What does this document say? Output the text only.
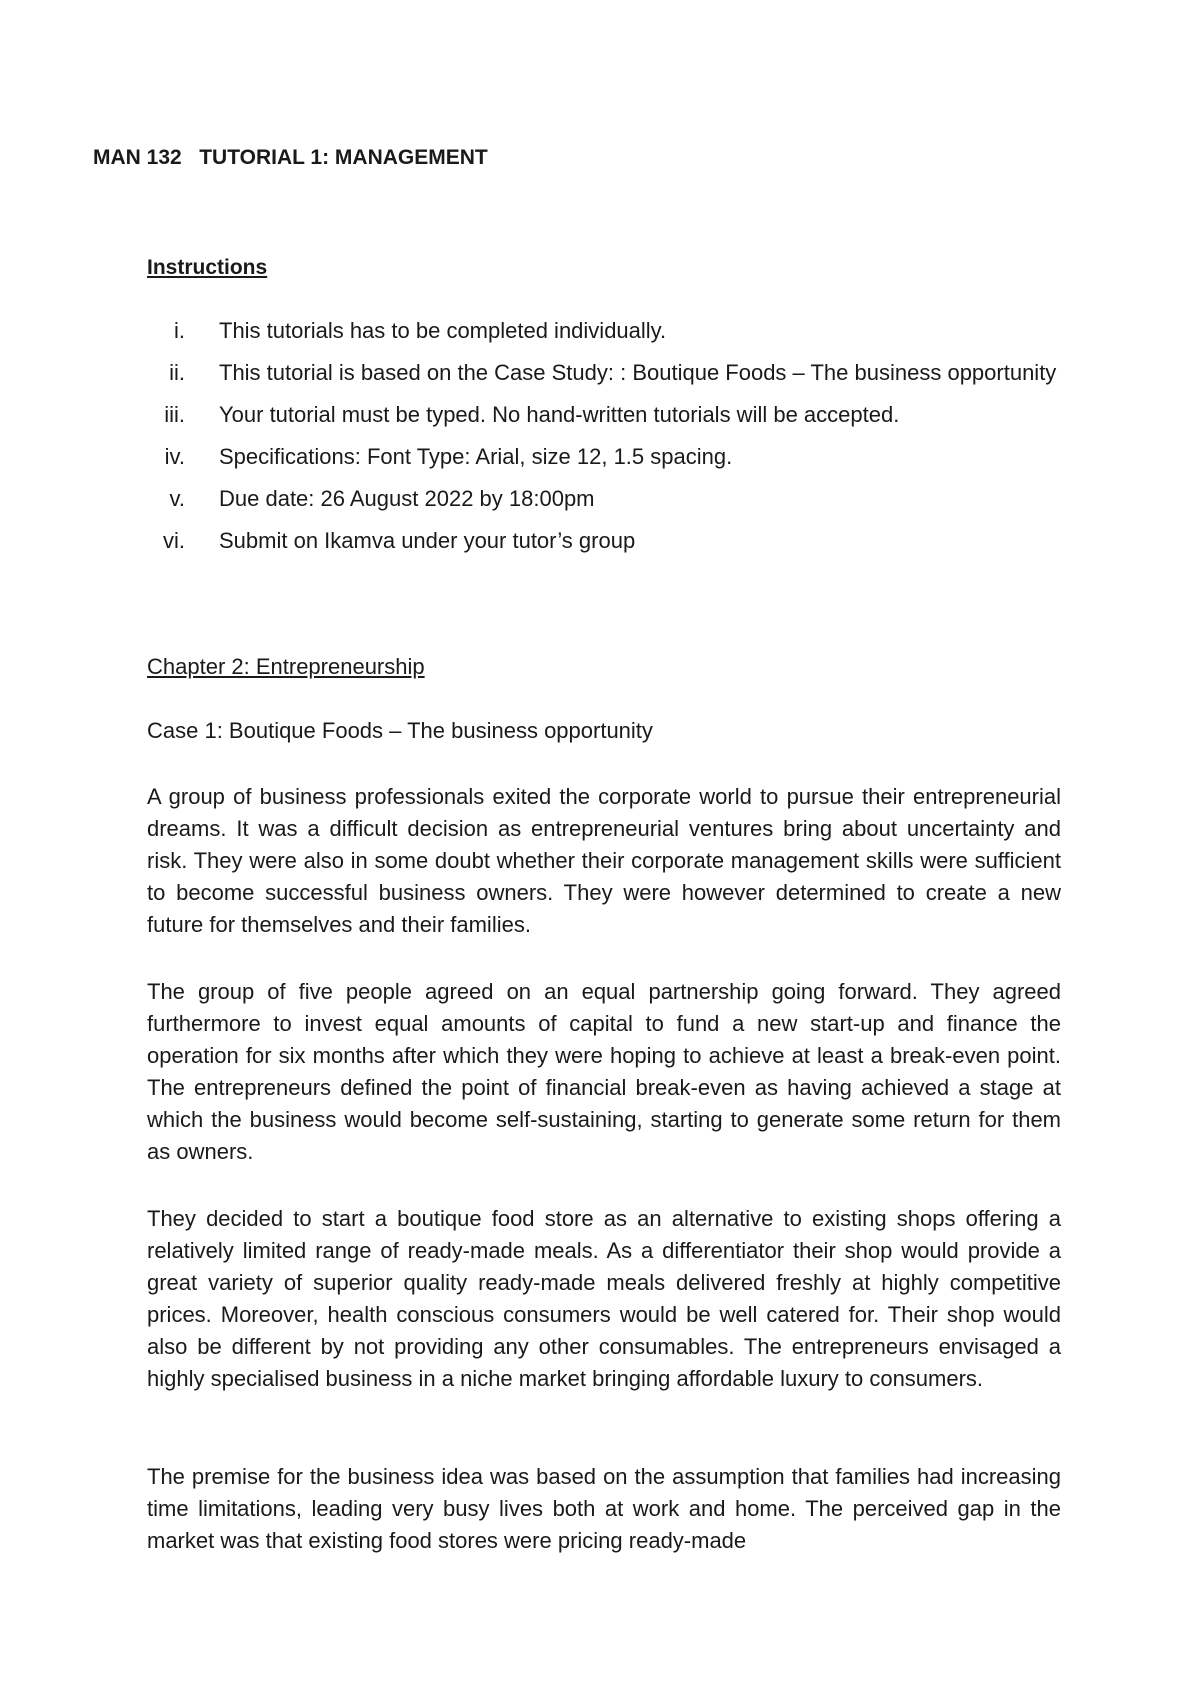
MAN 132   TUTORIAL 1: MANAGEMENT
Instructions
i. This tutorials has to be completed individually.
ii. This tutorial is based on the Case Study: : Boutique Foods – The business opportunity
iii. Your tutorial must be typed. No hand-written tutorials will be accepted.
iv. Specifications: Font Type: Arial, size 12, 1.5 spacing.
v. Due date: 26 August 2022 by 18:00pm
vi. Submit on Ikamva under your tutor’s group
Chapter 2: Entrepreneurship
Case 1: Boutique Foods – The business opportunity

A group of business professionals exited the corporate world to pursue their entrepreneurial dreams. It was a difficult decision as entrepreneurial ventures bring about uncertainty and risk. They were also in some doubt whether their corporate management skills were sufficient to become successful business owners. They were however determined to create a new future for themselves and their families.

The group of five people agreed on an equal partnership going forward. They agreed furthermore to invest equal amounts of capital to fund a new start-up and finance the operation for six months after which they were hoping to achieve at least a break-even point. The entrepreneurs defined the point of financial break-even as having achieved a stage at which the business would become self-sustaining, starting to generate some return for them as owners.

They decided to start a boutique food store as an alternative to existing shops offering a relatively limited range of ready-made meals. As a differentiator their shop would provide a great variety of superior quality ready-made meals delivered freshly at highly competitive prices. Moreover, health conscious consumers would be well catered for. Their shop would also be different by not providing any other consumables. The entrepreneurs envisaged a highly specialised business in a niche market bringing affordable luxury to consumers.

The premise for the business idea was based on the assumption that families had increasing time limitations, leading very busy lives both at work and home. The perceived gap in the market was that existing food stores were pricing ready-made
